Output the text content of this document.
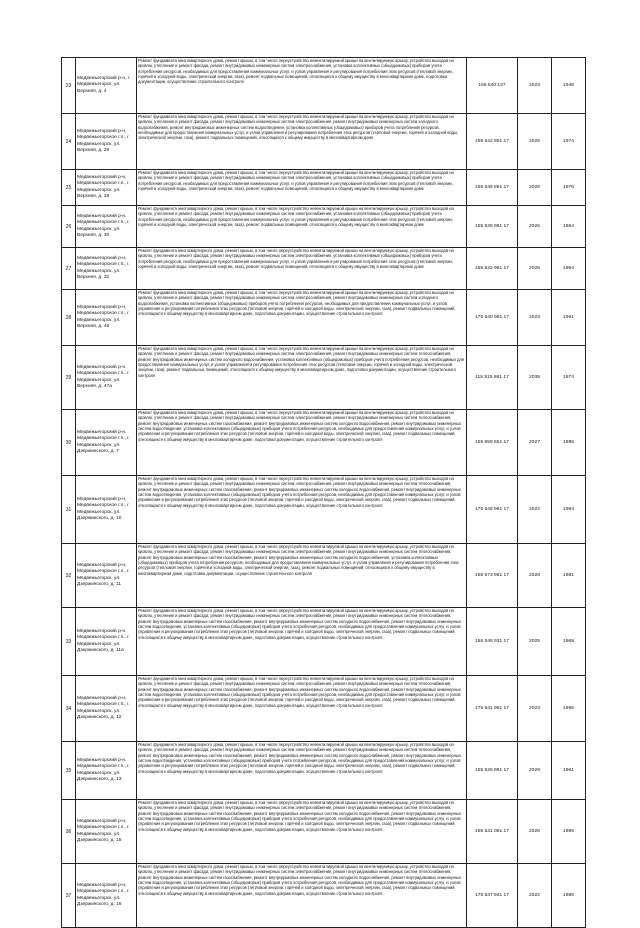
23	Медвежьегорский р-н, г. Медвежьегорск, ул. Верхняя, д. 4	Ремонт фундамента многоквартирного дома, ремонт крыши, в том числе переустройство невентилируемой крыши на вентилируемую крышу, устройство выходов на кровлю, утепление и ремонт фасада, ремонт внутридомовых инженерных систем электроснабжения, установка коллективных (общедомовых) приборов учета потребления ресурсов, необходимых для предоставления коммунальных услуг, и узлов управления и регулирования потребления этих ресурсов (тепловой энергии, горячей и холодной воды, электрической энергии, газа), ремонт подвальных помещений, относящихся к общему имуществу в многоквартирном доме, подготовка документации, осуществление строительного контроля	155 540 137	2023	1948
24	Медвежьегорский р-н, Медвежьегорское г.п., г. Медвежьегорск, ул. Верхняя, д. 26	Ремонт фундамента многоквартирного дома, ремонт крыши, в том числе переустройство невентилируемой крыши на вентилируемую крышу, устройство выходов на кровлю, утепление и ремонт фасада, ремонт внутридомовых инженерных систем электроснабжения, ремонт внутридомовых инженерных систем холодного водоснабжения, ремонт внутридомовых инженерных систем водоотведения, установка коллективных (общедомовых) приборов учета потребления ресурсов, необходимых для предоставления коммунальных услуг, и узлов управления и регулирования потребления этих ресурсов (тепловой энергии, горячей и холодной воды, электрической энергии, газа), ремонт подвальных помещений, относящихся к общему имуществу в многоквартирном доме	155 542 851 17	2026	1974
25	Медвежьегорский р-н, Медвежьегорское г.п., г. Медвежьегорск, ул. Верхняя, д. 28	Ремонт фундамента многоквартирного дома, ремонт крыши, в том числе переустройство невентилируемой крыши на вентилируемую крышу, устройство выходов на кровлю, утепление и ремонт фасада, ремонт внутридомовых инженерных систем электроснабжения, установка коллективных (общедомовых) приборов учета потребления ресурсов, необходимых для предоставления коммунальных услуг, и узлов управления и регулирования потребления этих ресурсов (тепловой энергии, горячей и холодной воды, электрической энергии, газа), ремонт подвальных помещений, относящихся к общему имуществу в многоквартирном доме	155 545 851 17	2026	1978
26	Медвежьегорский р-н, Медвежьегорское г.п., г. Медвежьегорск, ул. Верхняя, д. 30	Ремонт фундамента многоквартирного дома, ремонт крыши, в том числе переустройство невентилируемой крыши на вентилируемую крышу, устройство выходов на кровлю, утепление и ремонт фасада, ремонт внутридомовых инженерных систем электроснабжения, установка коллективных (общедомовых) приборов учета потребления ресурсов, необходимых для предоставления коммунальных услуг, и узлов управления и регулирования потребления этих ресурсов (тепловой энергии, горячей и холодной воды, электрической энергии, газа), ремонт подвальных помещений, относящихся к общему имуществу в многоквартирном доме	155 528 961 17	2026	1964
27	Медвежьегорский р-н, Медвежьегорское г.п., г. Медвежьегорск, ул. Верхняя, д. 32	Ремонт фундамента многоквартирного дома, ремонт крыши, в том числе переустройство невентилируемой крыши на вентилируемую крышу, устройство выходов на кровлю, утепление и ремонт фасада, ремонт внутридомовых инженерных систем электроснабжения, установка коллективных (общедомовых) приборов учета потребления ресурсов, необходимых для предоставления коммунальных услуг, и узлов управления и регулирования потребления этих ресурсов (тепловой энергии, горячей и холодной воды, электрической энергии, газа), ремонт подвальных помещений, относящихся к общему имуществу в многоквартирном доме	155 532 961 17	2026	1964
28	Медвежьегорский р-н, Медвежьегорское г.п., г. Медвежьегорск, ул. Верхняя, д. 45	Ремонт фундамента многоквартирного дома, ремонт крыши, в том числе переустройство невентилируемой крыши на вентилируемую крышу, устройство выходов на кровлю, утепление и ремонт фасада, ремонт внутридомовых инженерных систем электроснабжения, ремонт внутридомовых инженерных систем холодного водоснабжения, установка коллективных (общедомовых) приборов учета потребления ресурсов, необходимых для предоставления коммунальных услуг, и узлов управления и регулирования потребления этих ресурсов (тепловой энергии, горячей и холодной воды, электрической энергии, газа), ремонт подвальных помещений, относящихся к общему имуществу в многоквартирном доме, подготовка документации, осуществление строительного контроля	175 540 991 17	2023	1961
29	Медвежьегорский р-н, Медвежьегорское г.п., г. Медвежьегорск, ул. Верхняя, д. 47а	Ремонт фундамента многоквартирного дома, ремонт крыши, в том числе переустройство невентилируемой крыши на вентилируемую крышу, устройство выходов на кровлю, утепление и ремонт фасада, ремонт внутридомовых инженерных систем электроснабжения, ремонт внутридомовых инженерных систем теплоснабжения, ремонт внутридомовых инженерных систем холодного водоснабжения, установка коллективных (общедомовых) приборов учета потребления ресурсов, необходимых для предоставления коммунальных услуг, и узлов управления и регулирования потребления этих ресурсов (тепловой энергии, горячей и холодной воды, электрической энергии, газа), ремонт подвальных помещений, относящихся к общему имуществу в многоквартирном доме, подготовка документации, осуществление строительного контроля	115 515 861 17	2038	1974
30	Медвежьегорский р-н, Медвежьегорское г.п., г. Медвежьегорск, ул. Дзержинского, д. 7	Ремонт фундамента многоквартирного дома, ремонт крыши, в том числе переустройство невентилируемой крыши на вентилируемую крышу, устройство выходов на кровлю, утепление и ремонт фасада, ремонт внутридомовых инженерных систем электроснабжения, ремонт внутридомовых инженерных систем теплоснабжения, ремонт внутридомовых инженерных систем газоснабжения, ремонт внутридомовых инженерных систем холодного водоснабжения, ремонт внутридомовых инженерных систем водоотведения, установка коллективных (общедомовых) приборов учета потребления ресурсов, необходимых для предоставления коммунальных услуг, и узлов управления и регулирования потребления этих ресурсов (тепловой энергии, горячей и холодной воды, электрической энергии, газа), ремонт подвальных помещений, относящихся к общему имуществу в многоквартирном доме, подготовка документации, осуществление строительного контроля	155 559 651 17	2027	1985
31	Медвежьегорский р-н, Медвежьегорское г.п., г. Медвежьегорск, ул. Дзержинского, д. 10	Ремонт фундамента многоквартирного дома, ремонт крыши, в том числе переустройство невентилируемой крыши на вентилируемую крышу, устройство выходов на кровлю, утепление и ремонт фасада, ремонт внутридомовых инженерных систем электроснабжения, ремонт внутридомовых инженерных систем теплоснабжения, ремонт внутридомовых инженерных систем газоснабжения, ремонт внутридомовых инженерных систем холодного водоснабжения, ремонт внутридомовых инженерных систем водоотведения, установка коллективных (общедомовых) приборов учета потребления ресурсов, необходимых для предоставления коммунальных услуг, и узлов управления и регулирования потребления этих ресурсов (тепловой энергии, горячей и холодной воды, электрической энергии, газа), ремонт подвальных помещений, относящихся к общему имуществу в многоквартирном доме, подготовка документации, осуществление строительного контроля	175 546 961 17	2022	1984
32	Медвежьегорский р-н, Медвежьегорское г.п., г. Медвежьегорск, ул. Дзержинского, д. 11	Ремонт фундамента многоквартирного дома, ремонт крыши, в том числе переустройство невентилируемой крыши на вентилируемую крышу, устройство выходов на кровлю, утепление и ремонт фасада, ремонт внутридомовых инженерных систем электроснабжения, ремонт внутридомовых инженерных систем теплоснабжения, ремонт внутридомовых инженерных систем газоснабжения, ремонт внутридомовых инженерных систем холодного водоснабжения, установка коллективных (общедомовых) приборов учета потребления ресурсов, необходимых для предоставления коммунальных услуг, и узлов управления и регулирования потребления этих ресурсов (тепловой энергии, горячей и холодной воды, электрической энергии, газа), ремонт подвальных помещений, относящихся к общему имуществу в многоквартирном доме, подготовка документации, осуществление строительного контроля	155 573 961 17	2028	1981
33	Медвежьегорский р-н, Медвежьегорское г.п., г. Медвежьегорск, ул. Дзержинского, д. 11а	Ремонт фундамента многоквартирного дома, ремонт крыши, в том числе переустройство невентилируемой крыши на вентилируемую крышу, устройство выходов на кровлю, утепление и ремонт фасада, ремонт внутридомовых инженерных систем электроснабжения, ремонт внутридомовых инженерных систем теплоснабжения, ремонт внутридомовых инженерных систем газоснабжения, ремонт внутридомовых инженерных систем холодного водоснабжения, ремонт внутридомовых инженерных систем водоотведения, установка коллективных (общедомовых) приборов учета потребления ресурсов, необходимых для предоставления коммунальных услуг, и узлов управления и регулирования потребления этих ресурсов (тепловой энергии, горячей и холодной воды, электрической энергии, газа), ремонт подвальных помещений, относящихся к общему имуществу в многоквартирном доме, подготовка документации, осуществление строительного контроля	155 546 931 17	2025	1968
34	Медвежьегорский р-н, Медвежьегорское г.п., г. Медвежьегорск, ул. Дзержинского, д. 12	Ремонт фундамента многоквартирного дома, ремонт крыши, в том числе переустройство невентилируемой крыши на вентилируемую крышу, устройство выходов на кровлю, утепление и ремонт фасада, ремонт внутридомовых инженерных систем электроснабжения, ремонт внутридомовых инженерных систем теплоснабжения, ремонт внутридомовых инженерных систем газоснабжения, ремонт внутридомовых инженерных систем холодного водоснабжения, ремонт внутридомовых инженерных систем водоотведения, установка коллективных (общедомовых) приборов учета потребления ресурсов, необходимых для предоставления коммунальных услуг, и узлов управления и регулирования потребления этих ресурсов (тепловой энергии, горячей и холодной воды, электрической энергии, газа), ремонт подвальных помещений, относящихся к общему имуществу в многоквартирном доме, подготовка документации, осуществление строительного контроля	175 541 951 17	2023	1955
35	Медвежьегорский р-н, Медвежьегорское г.п., г. Медвежьегорск, ул. Дзержинского, д. 13	Ремонт фундамента многоквартирного дома, ремонт крыши, в том числе переустройство невентилируемой крыши на вентилируемую крышу, устройство выходов на кровлю, утепление и ремонт фасада, ремонт внутридомовых инженерных систем электроснабжения, ремонт внутридомовых инженерных систем теплоснабжения, ремонт внутридомовых инженерных систем газоснабжения, ремонт внутридомовых инженерных систем холодного водоснабжения, ремонт внутридомовых инженерных систем водоотведения, установка коллективных (общедомовых) приборов учета потребления ресурсов, необходимых для предоставления коммунальных услуг, и узлов управления и регулирования потребления этих ресурсов (тепловой энергии, горячей и холодной воды, электрической энергии, газа), ремонт подвальных помещений, относящихся к общему имуществу в многоквартирном доме, подготовка документации, осуществление строительного контроля	155 526 991 17	2029	1961
36	Медвежьегорский р-н, Медвежьегорское г.п., г. Медвежьегорск, ул. Дзержинского, д. 15	Ремонт фундамента многоквартирного дома, ремонт крыши, в том числе переустройство невентилируемой крыши на вентилируемую крышу, устройство выходов на кровлю, утепление и ремонт фасада, ремонт внутридомовых инженерных систем электроснабжения, ремонт внутридомовых инженерных систем теплоснабжения, ремонт внутридомовых инженерных систем газоснабжения, ремонт внутридомовых инженерных систем холодного водоснабжения, ремонт внутридомовых инженерных систем водоотведения, установка коллективных (общедомовых) приборов учета потребления ресурсов, необходимых для предоставления коммунальных услуг, и узлов управления и регулирования потребления этих ресурсов (тепловой энергии, горячей и холодной воды, электрической энергии, газа), ремонт подвальных помещений, относящихся к общему имуществу в многоквартирном доме, подготовка документации, осуществление строительного контроля	155 531 051 17	2026	1985
37	Медвежьегорский р-н, Медвежьегорское г.п., г. Медвежьегорск, ул. Дзержинского, д. 16	Ремонт фундамента многоквартирного дома, ремонт крыши, в том числе переустройство невентилируемой крыши на вентилируемую крышу, устройство выходов на кровлю, утепление и ремонт фасада, ремонт внутридомовых инженерных систем электроснабжения, ремонт внутридомовых инженерных систем теплоснабжения, ремонт внутридомовых инженерных систем газоснабжения, ремонт внутридомовых инженерных систем холодного водоснабжения, ремонт внутридомовых инженерных систем водоотведения, установка коллективных (общедомовых) приборов учета потребления ресурсов, необходимых для предоставления коммунальных услуг, и узлов управления и регулирования потребления этих ресурсов (тепловой энергии, горячей и холодной воды, электрической энергии, газа), ремонт подвальных помещений, относящихся к общему имуществу в многоквартирном доме, подготовка документации, осуществление строительного контроля	175 547 941 17	2022	1986
